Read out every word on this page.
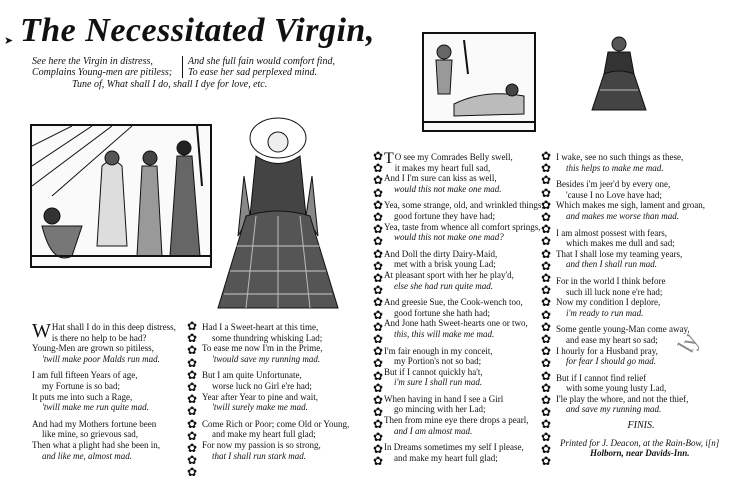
➤ The Necessitated Virgin,
See here the Virgin in distress,
Complains Young-men are pitiless;
And she full fain would comfort find,
To ease her sad perplexed mind.
Tune of, What shall I do, shall I dye for love, etc.
✿
✿
✿
✿
✿
✿
✿
✿
✿
✿
✿
✿
✿
✿
✿
✿
✿
✿
✿
✿
✿
✿
✿
✿
✿
✿
✿
✿
✿
✿
✿
✿
✿
✿
✿
✿
✿
✿
✿
✿
✿
✿
✿
✿
✿
✿
✿
✿
✿
✿
✿
✿
✿
✿
✿
✿
✿
✿
✿
✿
✿
✿
✿
✿
✿

W Hat shall I do in this deep distress,
is there no help to be had?
Young-Men are grown so pitiless,
'twill make poor Malds run mad.

I am full fifteen Years of age,
my Fortune is so bad;
It puts me into such a Rage,
'twill make me run quite mad.

And had my Mothers fortune been
like mine, so grievous sad,
Then what a plight had she been in,
and like me, almost mad.

Had I a Sweet-heart at this time,
some thundring whisking Lad;
To ease me now I'm in the Prime,
'twould save my running mad.

But I am quite Unfortunate,
worse luck no Girl e're had;
Year after Year to pine and wait,
'twill surely make me mad.

Come Rich or Poor; come Old or Young,
and make my heart full glad;
For now my passion is so strong,
that I shall run stark mad.

T O see my Comrades Belly swell,
it makes my heart full sad,
And I I'm sure can kiss as well,
would this not make one mad.

Yea, some strange, old, and wrinkled things,
good fortune they have had;
Yea, taste from whence all comfort springs,
would this not make one mad?

And Doll the dirty Dairy-Maid,
met with a brisk young Lad;
At pleasant sport with her he play'd,
else she had run quite mad.

And greesie Sue, the Cook-wench too,
good fortune she hath had;
And Jone hath Sweet-hearts one or two,
this, this will make me mad.

I'm fair enough in my conceit,
my Portion's not so bad;
But if I cannot quickly ha't,
i'm sure I shall run mad.

When having in hand I see a Girl
go mincing with her Lad;
Then from mine eye there drops a pearl,
and I am almost mad.

In Dreams sometimes my self I please,
and make my heart full glad;

I wake, see no such things as these,
this helps to make me mad.

Besides i'm jeer'd by every one,
'cause I no Love have had;
Which makes me sigh, lament and groan,
and makes me worse than mad.

I am almost possest with fears,
which makes me dull and sad;
That I shall lose my teaming years,
and then I shall run mad.

For in the world I think before
such ill luck none e're had;
Now my condition I deplore,
i'm ready to run mad.

Some gentle young-Man come away,
and ease my heart so sad;
I hourly for a Husband pray,
for fear I should go mad.

But if I cannot find relief
with some young lusty Lad,
I'le play the whore, and not the thief,
and save my running mad.

FINIS.
Printed for J. Deacon, at the Rain-Bow, i[n]
Holborn, near Davids-Inn.
ly
